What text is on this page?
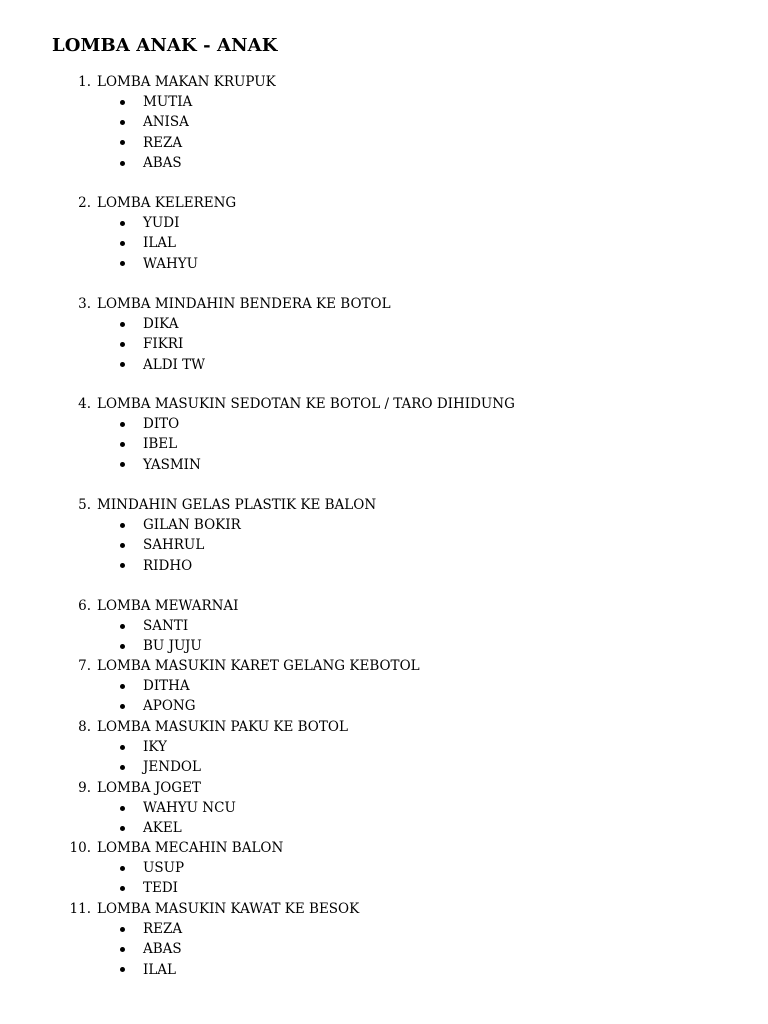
LOMBA ANAK - ANAK
1. LOMBA MAKAN KRUPUK
MUTIA
ANISA
REZA
ABAS
2. LOMBA KELERENG
YUDI
ILAL
WAHYU
3. LOMBA MINDAHIN BENDERA KE BOTOL
DIKA
FIKRI
ALDI TW
4. LOMBA MASUKIN SEDOTAN KE BOTOL / TARO DIHIDUNG
DITO
IBEL
YASMIN
5. MINDAHIN GELAS PLASTIK KE BALON
GILAN BOKIR
SAHRUL
RIDHO
6. LOMBA MEWARNAI
SANTI
BU JUJU
7. LOMBA MASUKIN KARET GELANG KEBOTOL
DITHA
APONG
8. LOMBA MASUKIN PAKU KE BOTOL
IKY
JENDOL
9. LOMBA JOGET
WAHYU NCU
AKEL
10. LOMBA MECAHIN BALON
USUP
TEDI
11. LOMBA MASUKIN KAWAT KE BESOK
REZA
ABAS
ILAL
